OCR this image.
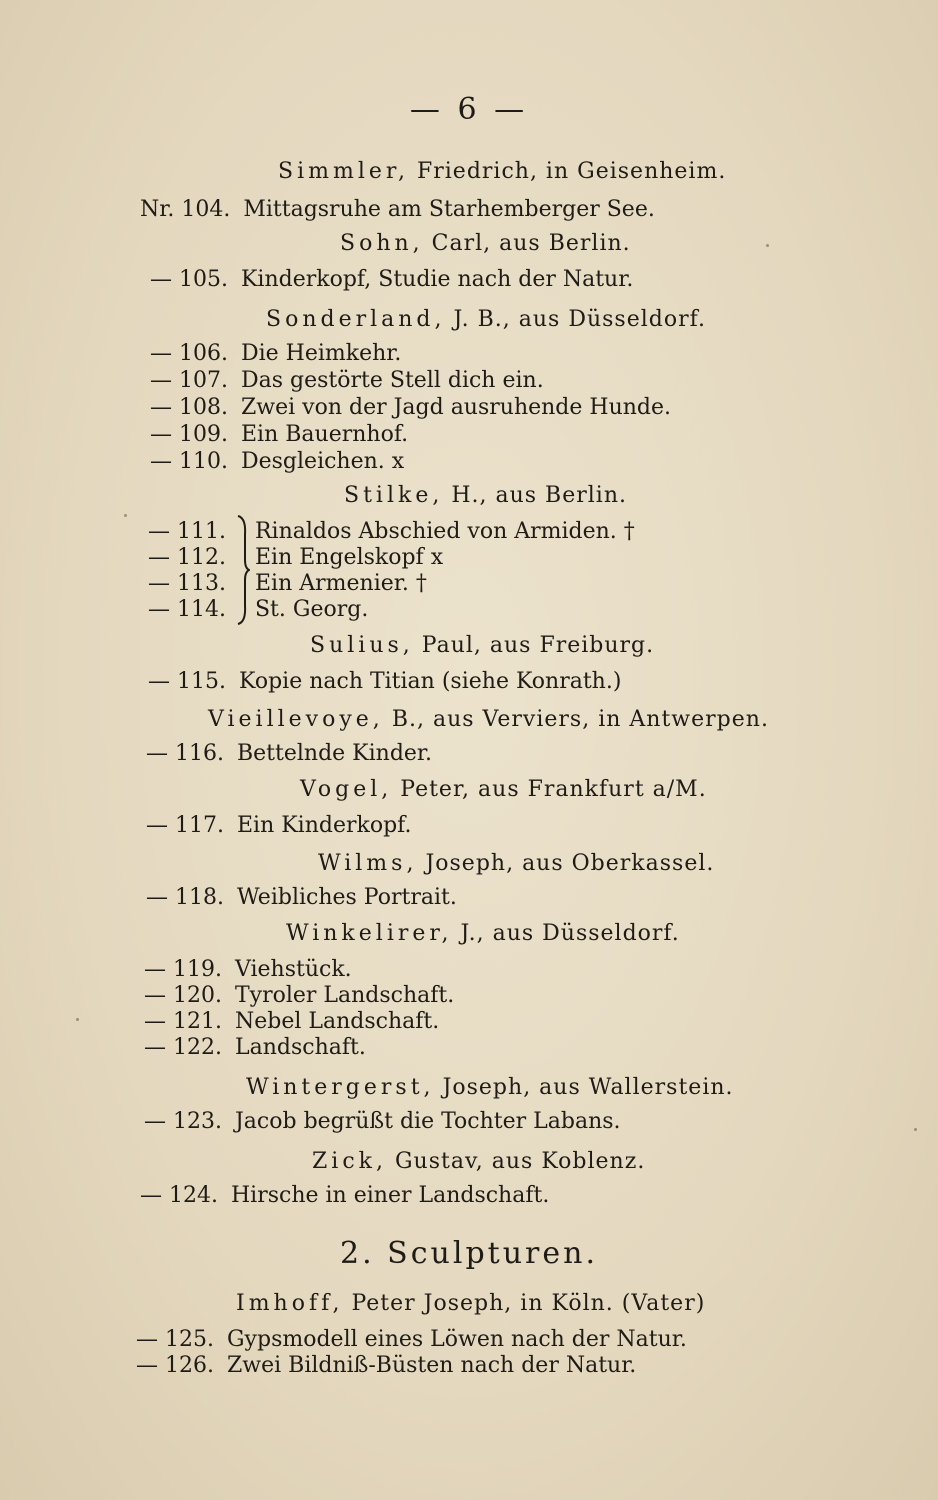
— 6 —
Simmler, Friedrich, in Geisenheim.
Nr. 104. Mittagsruhe am Starhemberger See.
Sohn, Carl, aus Berlin.
— 105. Kinderkopf, Studie nach der Natur.
Sonderland, J. B., aus Düsseldorf.
— 106. Die Heimkehr.
— 107. Das gestörte Stell dich ein.
— 108. Zwei von der Jagd ausruhende Hunde.
— 109. Ein Bauernhof.
— 110. Desgleichen. x
Stilke, H., aus Berlin.
— 111. Rinaldos Abschied von Armiden. †
— 112. Ein Engelskopf x
— 113. Ein Armenier. †
— 114. St. Georg.
Sulius, Paul, aus Freiburg.
— 115. Kopie nach Titian (siehe Konrath.)
Vieillevoye, B., aus Verviers, in Antwerpen.
— 116. Bettelnde Kinder.
Vogel, Peter, aus Frankfurt a/M.
— 117. Ein Kinderkopf.
Wilms, Joseph, aus Oberkassel.
— 118. Weibliches Portrait.
Winkelirer, J., aus Düsseldorf.
— 119. Viehstück.
— 120. Tyroler Landschaft.
— 121. Nebel Landschaft.
— 122. Landschaft.
Wintergerst, Joseph, aus Wallerstein.
— 123. Jacob begrüßt die Tochter Labans.
Zick, Gustav, aus Koblenz.
— 124. Hirsche in einer Landschaft.
2. Sculpturen.
Imhoff, Peter Joseph, in Köln. (Vater)
— 125. Gypsmodell eines Löwen nach der Natur.
— 126. Zwei Bildniß-Büsten nach der Natur.
